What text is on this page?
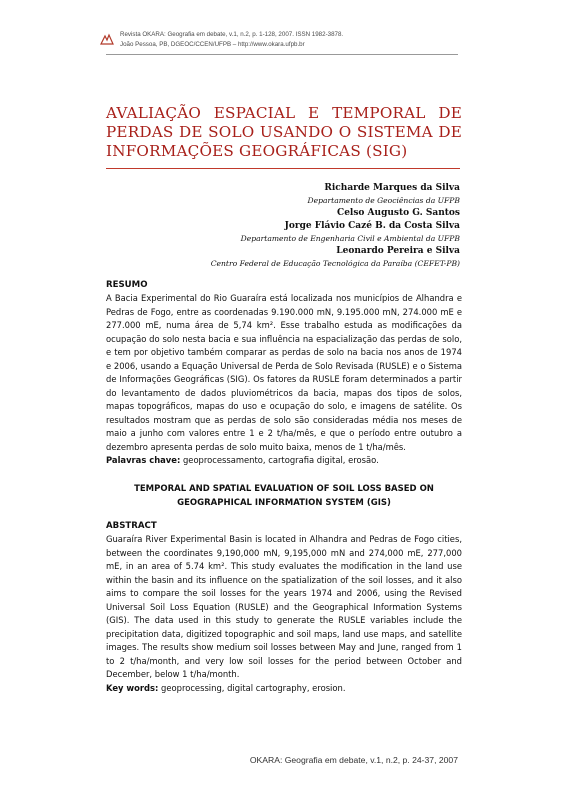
Revista OKARA: Geografia em debate, v.1, n.2, p. 1-128, 2007. ISSN 1982-3878.
João Pessoa, PB, DGEOC/CCEN/UFPB – http://www.okara.ufpb.br
AVALIAÇÃO ESPACIAL E TEMPORAL DE PERDAS DE SOLO USANDO O SISTEMA DE INFORMAÇÕES GEOGRÁFICAS (SIG)
Richarde Marques da Silva
Departamento de Geociências da UFPB
Celso Augusto G. Santos
Jorge Flávio Cazé B. da Costa Silva
Departamento de Engenharia Civil e Ambiental da UFPB
Leonardo Pereira e Silva
Centro Federal de Educação Tecnológica da Paraíba (CEFET-PB)
RESUMO
A Bacia Experimental do Rio Guaraíra está localizada nos municípios de Alhandra e Pedras de Fogo, entre as coordenadas 9.190.000 mN, 9.195.000 mN, 274.000 mE e 277.000 mE, numa área de 5,74 km². Esse trabalho estuda as modificações da ocupação do solo nesta bacia e sua influência na espacialização das perdas de solo, e tem por objetivo também comparar as perdas de solo na bacia nos anos de 1974 e 2006, usando a Equação Universal de Perda de Solo Revisada (RUSLE) e o Sistema de Informações Geográficas (SIG). Os fatores da RUSLE foram determinados a partir do levantamento de dados pluviométricos da bacia, mapas dos tipos de solos, mapas topográficos, mapas do uso e ocupação do solo, e imagens de satélite. Os resultados mostram que as perdas de solo são consideradas média nos meses de maio a junho com valores entre 1 e 2 t/ha/mês, e que o período entre outubro a dezembro apresenta perdas de solo muito baixa, menos de 1 t/ha/mês.
Palavras chave: geoprocessamento, cartografia digital, erosão.
TEMPORAL AND SPATIAL EVALUATION OF SOIL LOSS BASED ON GEOGRAPHICAL INFORMATION SYSTEM (GIS)
ABSTRACT
Guaraíra River Experimental Basin is located in Alhandra and Pedras de Fogo cities, between the coordinates 9,190,000 mN, 9,195,000 mN and 274,000 mE, 277,000 mE, in an area of 5.74 km². This study evaluates the modification in the land use within the basin and its influence on the spatialization of the soil losses, and it also aims to compare the soil losses for the years 1974 and 2006, using the Revised Universal Soil Loss Equation (RUSLE) and the Geographical Information Systems (GIS). The data used in this study to generate the RUSLE variables include the precipitation data, digitized topographic and soil maps, land use maps, and satellite images. The results show medium soil losses between May and June, ranged from 1 to 2 t/ha/month, and very low soil losses for the period between October and December, below 1 t/ha/month.
Key words: geoprocessing, digital cartography, erosion.
OKARA: Geografia em debate, v.1, n.2, p. 24-37, 2007
